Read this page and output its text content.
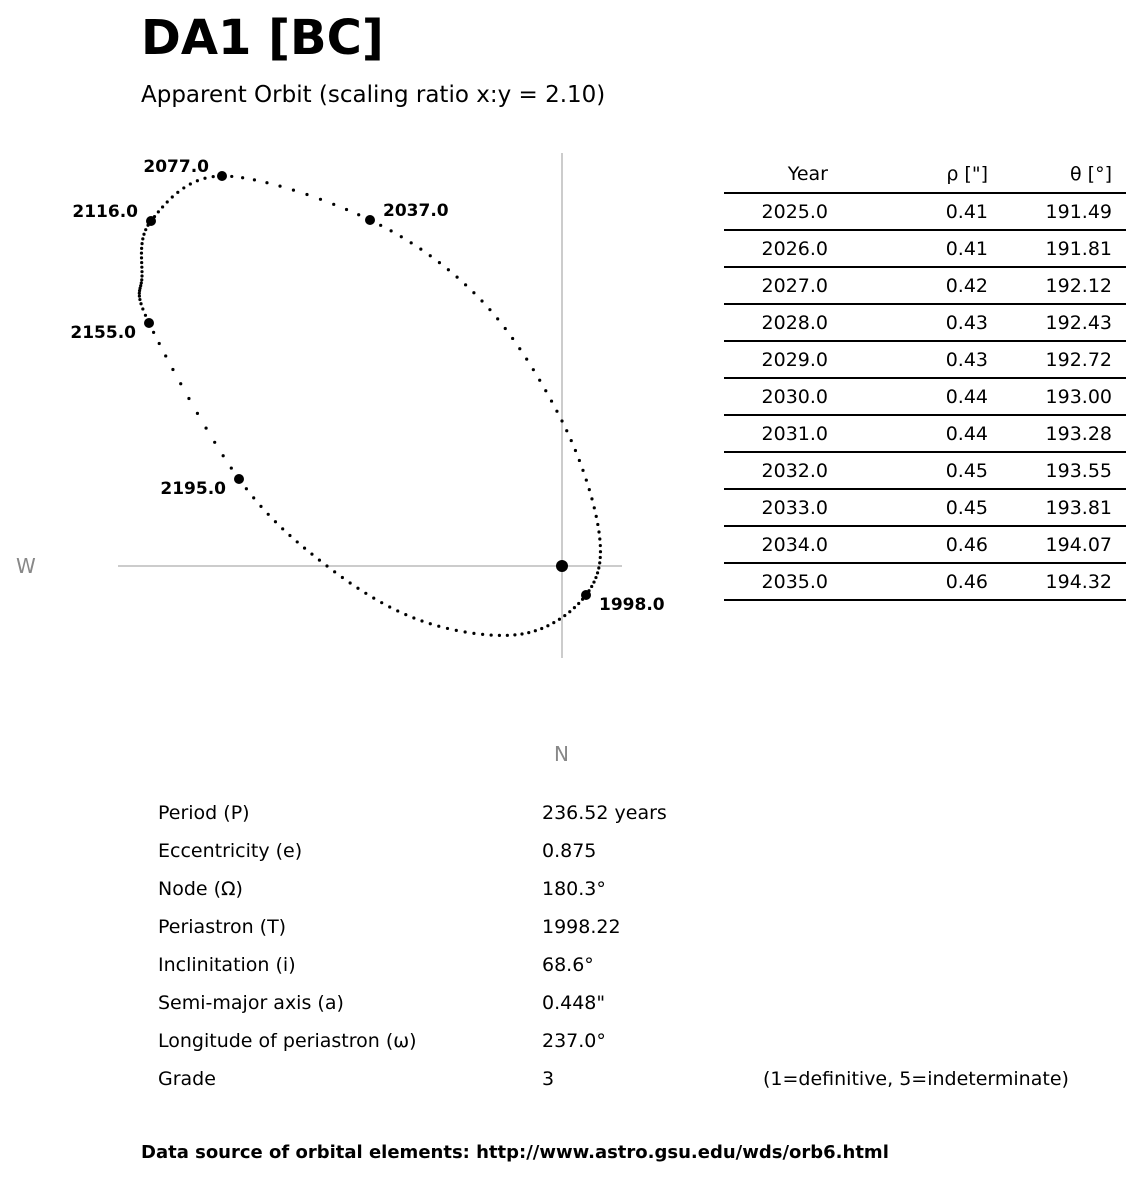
DA1 [BC]
Apparent Orbit (scaling ratio x:y = 2.10)
W
N
1998.0
2037.0
2077.0
2116.0
2155.0
2195.0
Year	ρ ["]	θ [°]
2025.0	0.41	191.49
2026.0	0.41	191.81
2027.0	0.42	192.12
2028.0	0.43	192.43
2029.0	0.43	192.72
2030.0	0.44	193.00
2031.0	0.44	193.28
2032.0	0.45	193.55
2033.0	0.45	193.81
2034.0	0.46	194.07
2035.0	0.46	194.32
Period (P)	236.52 years
Eccentricity (e)	0.875
Node (Ω)	180.3°
Periastron (T)	1998.22
Inclinitation (i)	68.6°
Semi-major axis (a)	0.448"
Longitude of periastron (ω)	237.0°
Grade	3	(1=definitive, 5=indeterminate)
Data source of orbital elements: http://www.astro.gsu.edu/wds/orb6.html
